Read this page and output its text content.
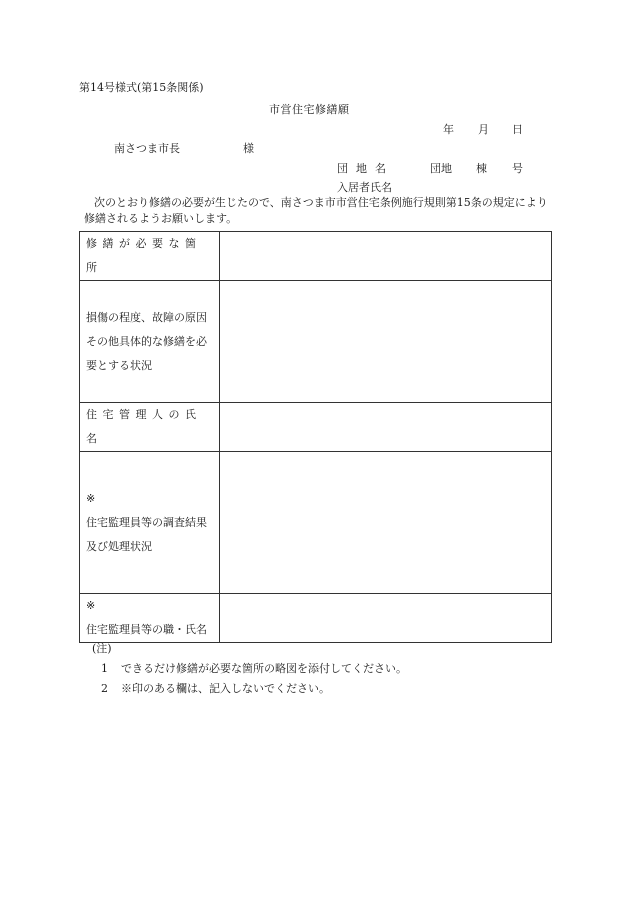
第14号様式(第15条関係)
市営住宅修繕願
年 月 日
南さつま市長	様
団地名	団地 棟 号
入居者氏名
次のとおり修繕の必要が生じたので、南さつま市市営住宅条例施行規則第15条の規定により修繕されるようお願いします。
修繕が必要な箇所	
損傷の程度、故障の原因その他具体的な修繕を必要とする状況	
住宅管理人の氏名	

※
住宅監理員等の調査結果及び処理状況	

※
住宅監理員等の職・氏名	

(注)
1 できるだけ修繕が必要な箇所の略図を添付してください。
2 ※印のある欄は、記入しないでください。
